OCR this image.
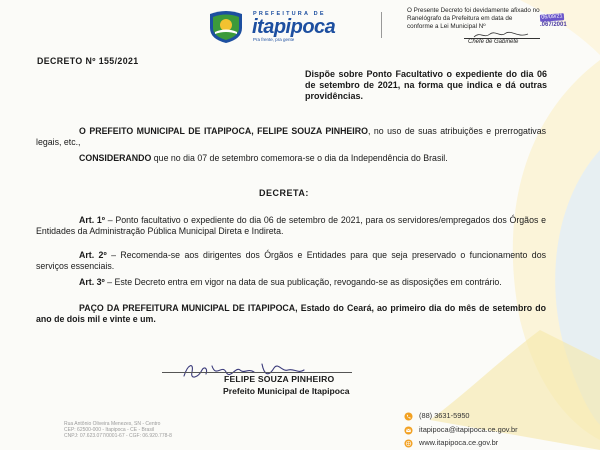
PREFEITURA DE
itapipoca
Pra frente, pra gente
O Presente Decreto foi devidamente afixado no
Ranelógrafo da Prefeitura em data de
conforme a Lei Municipal Nº
06/09/21
.067/2001
Chefe de Gabinete
DECRETO Nº 155/2021
Dispõe sobre Ponto Facultativo o expediente do dia 06 de setembro de 2021, na forma que indica e dá outras providências.
O PREFEITO MUNICIPAL DE ITAPIPOCA, FELIPE SOUZA PINHEIRO, no uso de suas atribuições e prerrogativas legais, etc.,
CONSIDERANDO que no dia 07 de setembro comemora-se o dia da Independência do Brasil.
DECRETA:
Art. 1º – Ponto facultativo o expediente do dia 06 de setembro de 2021, para os servidores/empregados dos Órgãos e Entidades da Administração Pública Municipal Direta e Indireta.
Art. 2º – Recomenda-se aos dirigentes dos Órgãos e Entidades para que seja preservado o funcionamento dos serviços essenciais.
Art. 3º – Este Decreto entra em vigor na data de sua publicação, revogando-se as disposições em contrário.
PAÇO DA PREFEITURA MUNICIPAL DE ITAPIPOCA, Estado do Ceará, ao primeiro dia do mês de setembro do ano de dois mil e vinte e um.
FELIPE SOUZA PINHEIRO
Prefeito Municipal de Itapipoca
Rua Antônio Oliveira Menezes, SN - Centro
CEP: 62500-000 - Itapipoca - CE - Brasil
CNPJ: 07.623.077/0001-67 - CGF: 06.920.778-8
(88) 3631-5950
itapipoca@itapipoca.ce.gov.br
www.itapipoca.ce.gov.br
